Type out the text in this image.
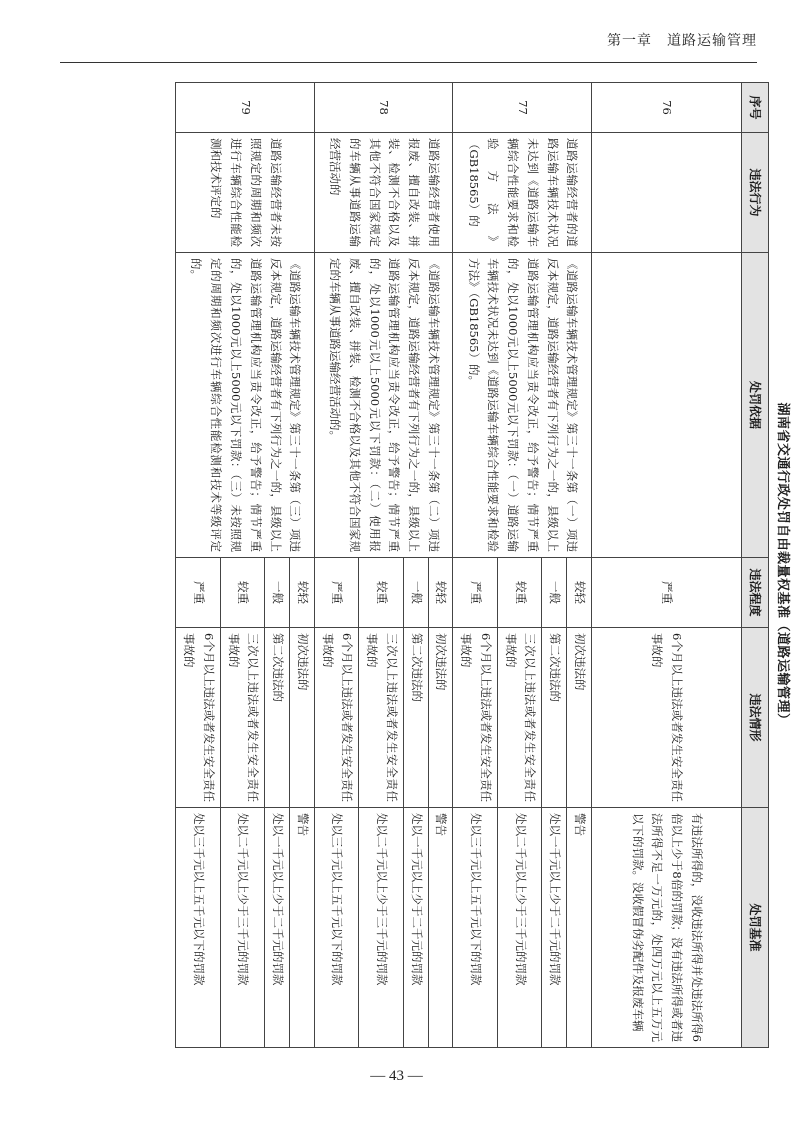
第一章　道路运输管理
湖南省交通行政处罚自由裁量权基准（道路运输管理）
序号	违法行为	处罚依据	违法程度	违法情形	处罚基准
76			严重	6个月以上违法或者发生安全责任事故的	有违法所得的，没收违法所得并处违法所得6倍以上少于8倍的罚款；没有违法所得或者违法所得不足一万元的，处四万元以上五万元以下的罚款。没收假冒伪劣配件及报废车辆
77	道路运输经营者的道路运输车辆技术状况未达到《道路运输车辆综合性能要求和检验方法》（GB18565）的	《道路运输车辆技术管理规定》第三十一条第（一）项违反本规定，道路运输经营者有下列行为之一的，县级以上道路运输管理机构应当责令改正，给予警告；情节严重的，处以1000元以上5000元以下罚款：（一）道路运输车辆技术状况未达到《道路运输车辆综合性能要求和检验方法》（GB18565）的。	较轻	初次违法的	警告
			一般	第二次违法的	处以一千元以上少于二千元的罚款
			较重	三次以上违法或者发生安全责任事故的	处以二千元以上少于三千元的罚款
			严重	6个月以上违法或者发生安全责任事故的	处以三千元以上五千元以下的罚款
78	道路运输经营者使用报废、擅自改装、拼装、检测不合格以及其他不符合国家规定的车辆从事道路运输经营活动的	《道路运输车辆技术管理规定》第三十一条第（二）项违反本规定，道路运输经营者有下列行为之一的，县级以上道路运输管理机构应当责令改正，给予警告；情节严重的，处以1000元以上5000元以下罚款：（二）使用报废、擅自改装、拼装、检测不合格以及其他不符合国家规定的车辆从事道路运输经营活动的。	较轻	初次违法的	警告
			一般	第二次违法的	处以一千元以上少于二千元的罚款
			较重	三次以上违法或者发生安全责任事故的	处以二千元以上少于三千元的罚款
			严重	6个月以上违法或者发生安全责任事故的	处以三千元以上五千元以下的罚款
79	道路运输经营者未按照规定的周期和频次进行车辆综合性能检测和技术评定的	《道路运输车辆技术管理规定》第三十一条第（三）项违反本规定，道路运输经营者有下列行为之一的，县级以上道路运输管理机构应当责令改正，给予警告；情节严重的，处以1000元以上5000元以下罚款：（三）未按照规定的周期和频次进行车辆综合性能检测和技术等级评定的。	较轻	初次违法的	警告
			一般	第二次违法的	处以一千元以上少于二千元的罚款
			较重	三次以上违法或者发生安全责任事故的	处以二千元以上少于三千元的罚款
			严重	6个月以上违法或者发生安全责任事故的	处以三千元以上五千元以下的罚款
— 43 —
